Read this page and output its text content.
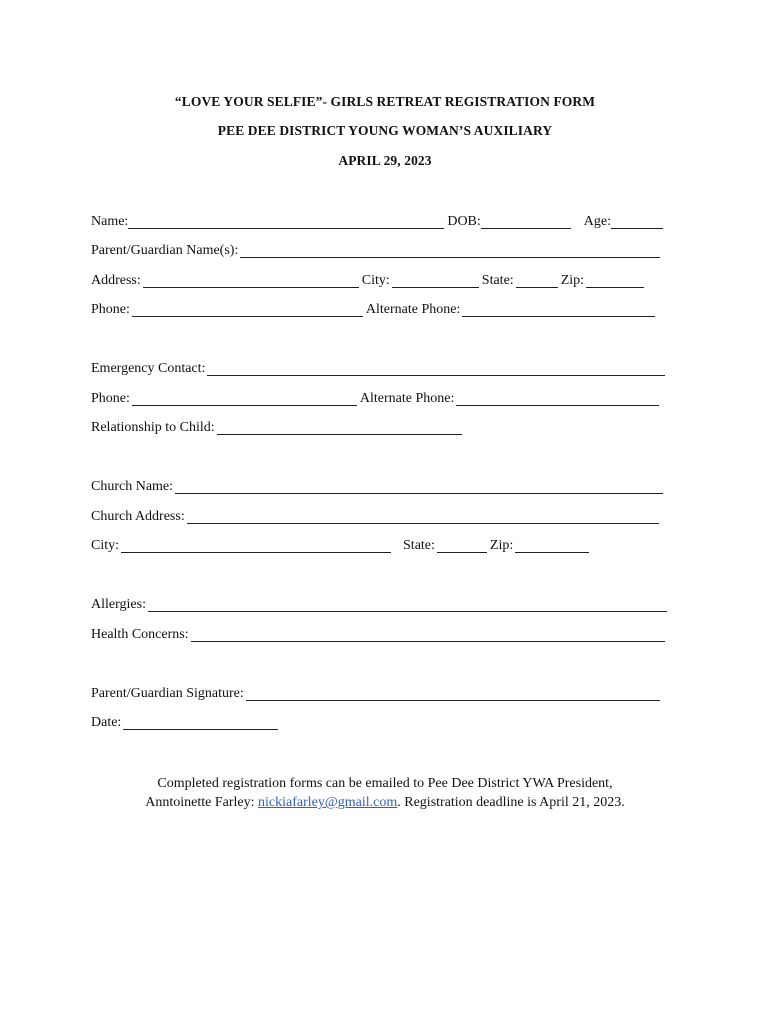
“LOVE YOUR SELFIE”- GIRLS RETREAT REGISTRATION FORM
PEE DEE DISTRICT YOUNG WOMAN’S AUXILIARY
APRIL 29, 2023
Name:	DOB:	Age:
Parent/Guardian Name(s):
Address:	City:	State:	Zip:
Phone:	Alternate Phone:
Emergency Contact:
Phone:	Alternate Phone:
Relationship to Child:
Church Name:
Church Address:
City:	State:	Zip:
Allergies:
Health Concerns:
Parent/Guardian Signature:
Date:
Completed registration forms can be emailed to Pee Dee District YWA President,
Anntoinette Farley: nickiafarley@gmail.com. Registration deadline is April 21, 2023.
